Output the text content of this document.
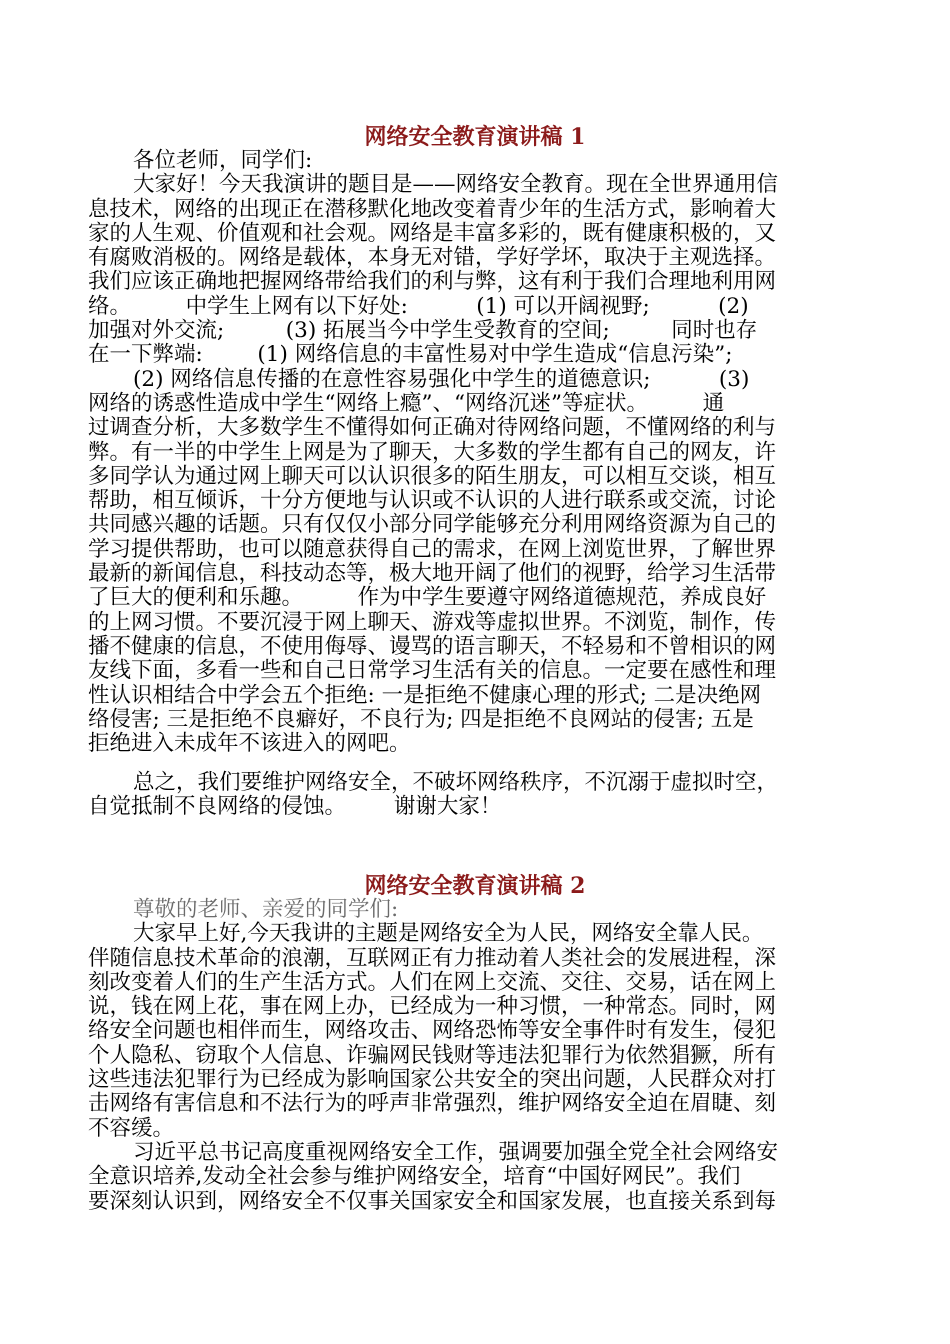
网络安全教育演讲稿 1
各位老师，同学们:
大家好！今天我演讲的题目是——网络安全教育。现在全世界通用信
息技术，网络的出现正在潜移默化地改变着青少年的生活方式，影响着大
家的人生观、价值观和社会观。网络是丰富多彩的，既有健康积极的，又
有腐败消极的。网络是载体，本身无对错，学好学坏，取决于主观选择。
我们应该正确地把握网络带给我们的利与弊，这有利于我们合理地利用网
络。        中学生上网有以下好处:          (1) 可以开阔视野;          (2)
加强对外交流;         (3) 拓展当今中学生受教育的空间;         同时也存
在一下弊端:        (1) 网络信息的丰富性易对中学生造成“信息污染”;
(2) 网络信息传播的在意性容易强化中学生的道德意识;          (3)
网络的诱惑性造成中学生“网络上瘾”、“网络沉迷”等症状。        通
过调查分析，大多数学生不懂得如何正确对待网络问题，不懂网络的利与
弊。有一半的中学生上网是为了聊天，大多数的学生都有自己的网友，许
多同学认为通过网上聊天可以认识很多的陌生朋友，可以相互交谈，相互
帮助，相互倾诉，十分方便地与认识或不认识的人进行联系或交流，讨论
共同感兴趣的话题。只有仅仅小部分同学能够充分利用网络资源为自己的
学习提供帮助，也可以随意获得自己的需求，在网上浏览世界，了解世界
最新的新闻信息，科技动态等，极大地开阔了他们的视野，给学习生活带
了巨大的便利和乐趣。        作为中学生要遵守网络道德规范，养成良好
的上网习惯。不要沉浸于网上聊天、游戏等虚拟世界。不浏览，制作，传
播不健康的信息，不使用侮辱、谩骂的语言聊天，不轻易和不曾相识的网
友线下面，多看一些和自己日常学习生活有关的信息。一定要在感性和理
性认识相结合中学会五个拒绝: 一是拒绝不健康心理的形式; 二是决绝网
络侵害; 三是拒绝不良癖好，不良行为; 四是拒绝不良网站的侵害; 五是
拒绝进入未成年不该进入的网吧。
总之，我们要维护网络安全，不破坏网络秩序，不沉溺于虚拟时空，
自觉抵制不良网络的侵蚀。       谢谢大家！
网络安全教育演讲稿 2
尊敬的老师、亲爱的同学们:
大家早上好,今天我讲的主题是网络安全为人民，网络安全靠人民。
伴随信息技术革命的浪潮，互联网正有力推动着人类社会的发展进程，深
刻改变着人们的生产生活方式。人们在网上交流、交往、交易，话在网上
说，钱在网上花，事在网上办，已经成为一种习惯，一种常态。同时，网
络安全问题也相伴而生，网络攻击、网络恐怖等安全事件时有发生，侵犯
个人隐私、窃取个人信息、诈骗网民钱财等违法犯罪行为依然猖獗，所有
这些违法犯罪行为已经成为影响国家公共安全的突出问题，人民群众对打
击网络有害信息和不法行为的呼声非常强烈，维护网络安全迫在眉睫、刻
不容缓。
习近平总书记高度重视网络安全工作，强调要加强全党全社会网络安
全意识培养,发动全社会参与维护网络安全，培育“中国好网民”。我们
要深刻认识到，网络安全不仅事关国家安全和国家发展，也直接关系到每
